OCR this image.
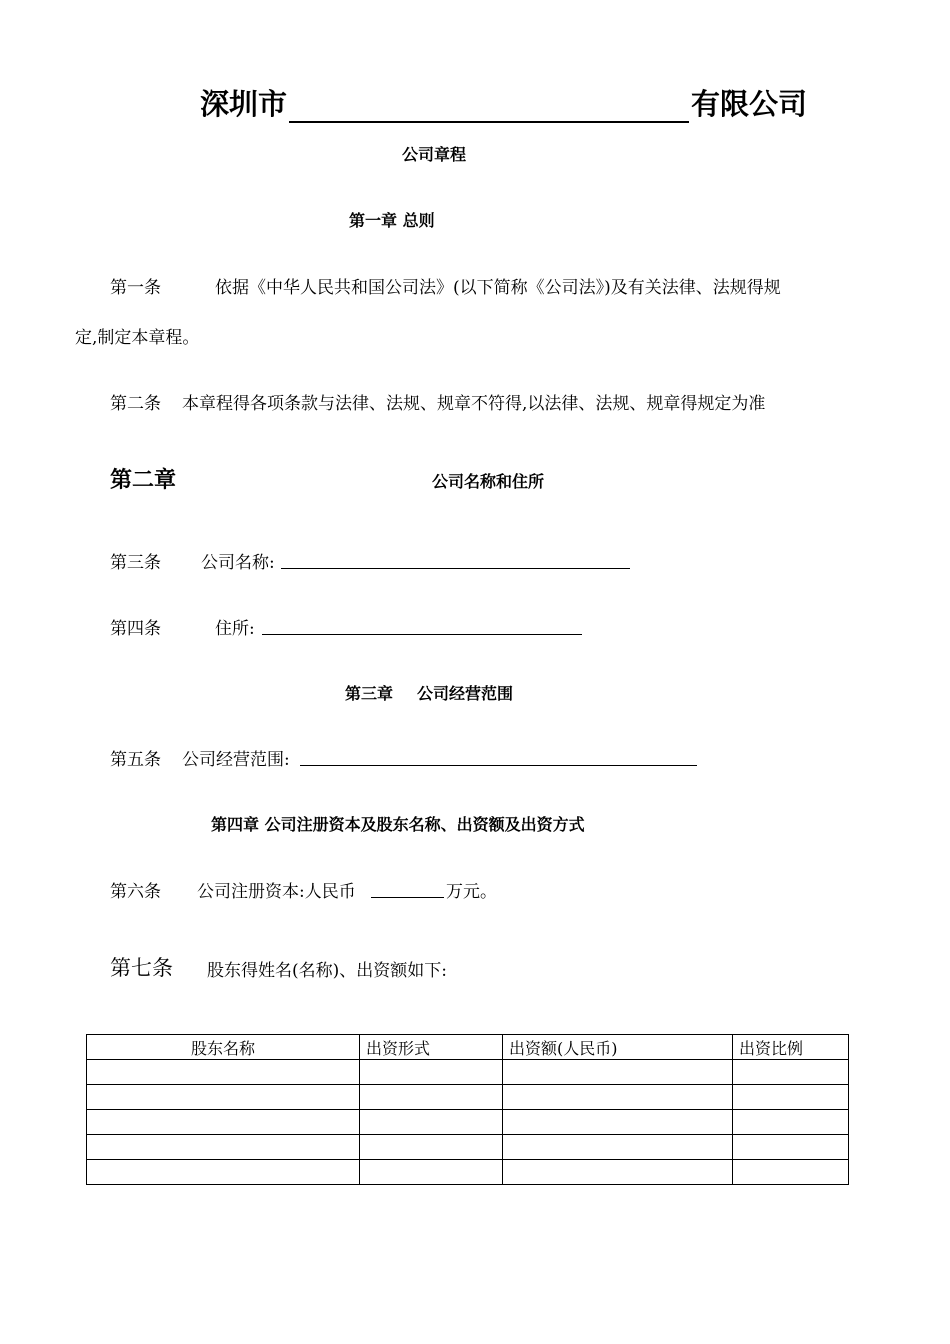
深圳市	有限公司
公司章程
第一章 总则
第一条	依据《中华人民共和国公司法》(以下简称《公司法》)及有关法律、法规得规
定,制定本章程。
第二条 本章程得各项条款与法律、法规、规章不符得,以法律、法规、规章得规定为准
第二章	公司名称和住所
第三条 公司名称:
第四条	住所:
第三章 公司经营范围
第五条 公司经营范围:
第四章 公司注册资本及股东名称、出资额及出资方式
第六条 公司注册资本:人民币	万元。
第七条 股东得姓名(名称)、出资额如下:
股东名称	出资形式	出资额(人民币)	出资比例
